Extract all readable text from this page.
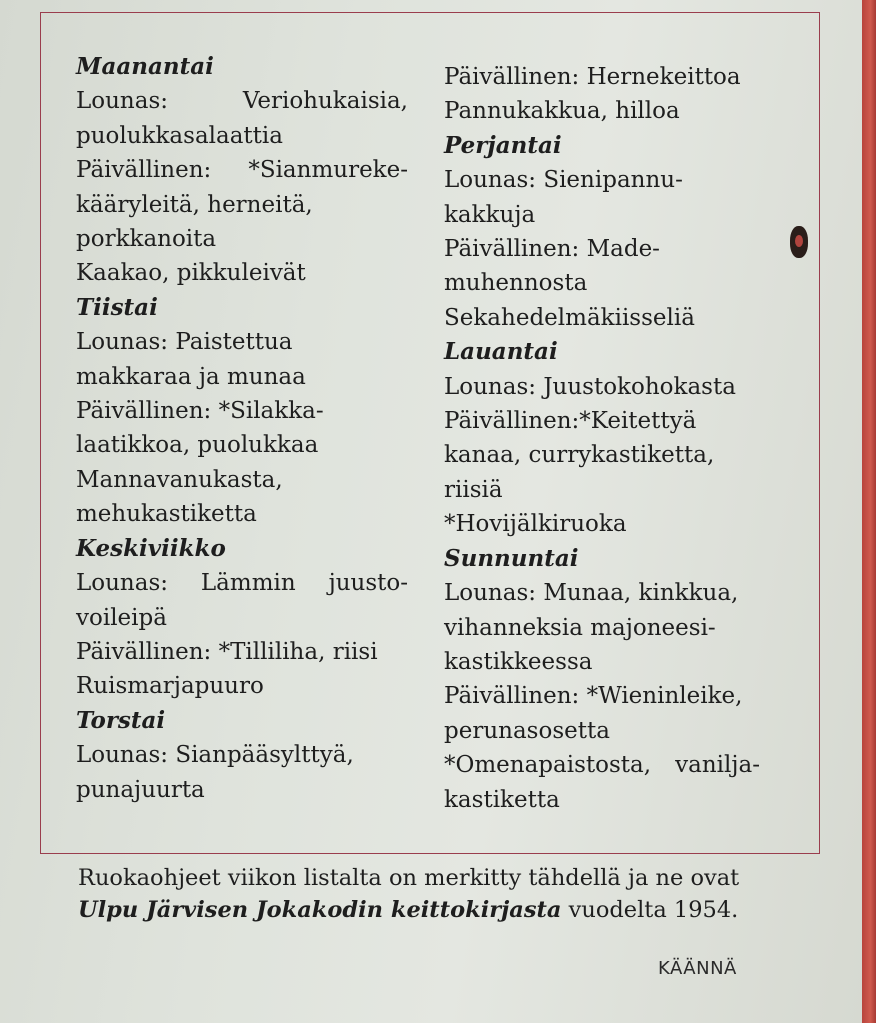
Maanantai
Lounas:	Veriohukaisia,
puolukkasalaattia
Päivällinen: *Sianmureke-
kääryleitä, herneitä,
porkkanoita
Kaakao, pikkuleivät
Tiistai
Lounas: Paistettua
makkaraa ja munaa
Päivällinen: *Silakka-
laatikkoa, puolukkaa
Mannavanukasta,
mehukastiketta
Keskiviikko
Lounas: Lämmin juusto-
voileipä
Päivällinen: *Tilliliha, riisi
Ruismarjapuuro
Torstai
Lounas: Sianpääsylttyä,
punajuurta
Päivällinen: Hernekeittoa
Pannukakkua, hilloa
Perjantai
Lounas: Sienipannu-
kakkuja
Päivällinen: Made-
muhennosta
Sekahedelmäkiisseliä
Lauantai
Lounas: Juustokohokasta
Päivällinen:*Keitettyä
kanaa, currykastiketta,
riisiä
*Hovijälkiruoka
Sunnuntai
Lounas: Munaa, kinkkua,
vihanneksia majoneesi-
kastikkeessa
Päivällinen: *Wieninleike,
perunasosetta
*Omenapaistosta, vanilja-
kastiketta
Ruokaohjeet viikon listalta on merkitty tähdellä ja ne ovat
Ulpu Järvisen Jokakodin keittokirjasta vuodelta 1954.
KÄÄNNÄ
